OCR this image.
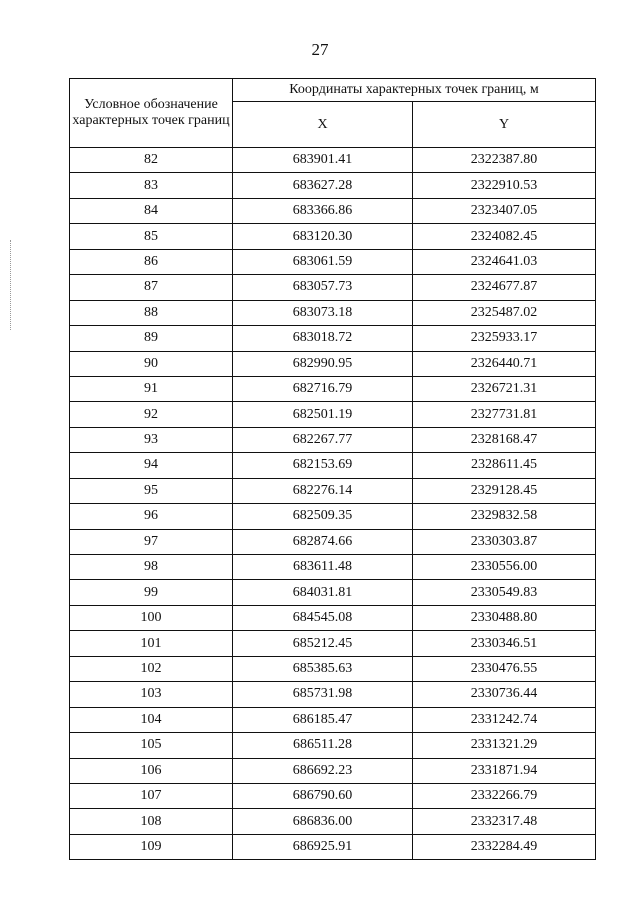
27
Условное обозначение характерных точек границ	Координаты характерных точек границ, м	
	X	Y
82	683901.41	2322387.80
83	683627.28	2322910.53
84	683366.86	2323407.05
85	683120.30	2324082.45
86	683061.59	2324641.03
87	683057.73	2324677.87
88	683073.18	2325487.02
89	683018.72	2325933.17
90	682990.95	2326440.71
91	682716.79	2326721.31
92	682501.19	2327731.81
93	682267.77	2328168.47
94	682153.69	2328611.45
95	682276.14	2329128.45
96	682509.35	2329832.58
97	682874.66	2330303.87
98	683611.48	2330556.00
99	684031.81	2330549.83
100	684545.08	2330488.80
101	685212.45	2330346.51
102	685385.63	2330476.55
103	685731.98	2330736.44
104	686185.47	2331242.74
105	686511.28	2331321.29
106	686692.23	2331871.94
107	686790.60	2332266.79
108	686836.00	2332317.48
109	686925.91	2332284.49
